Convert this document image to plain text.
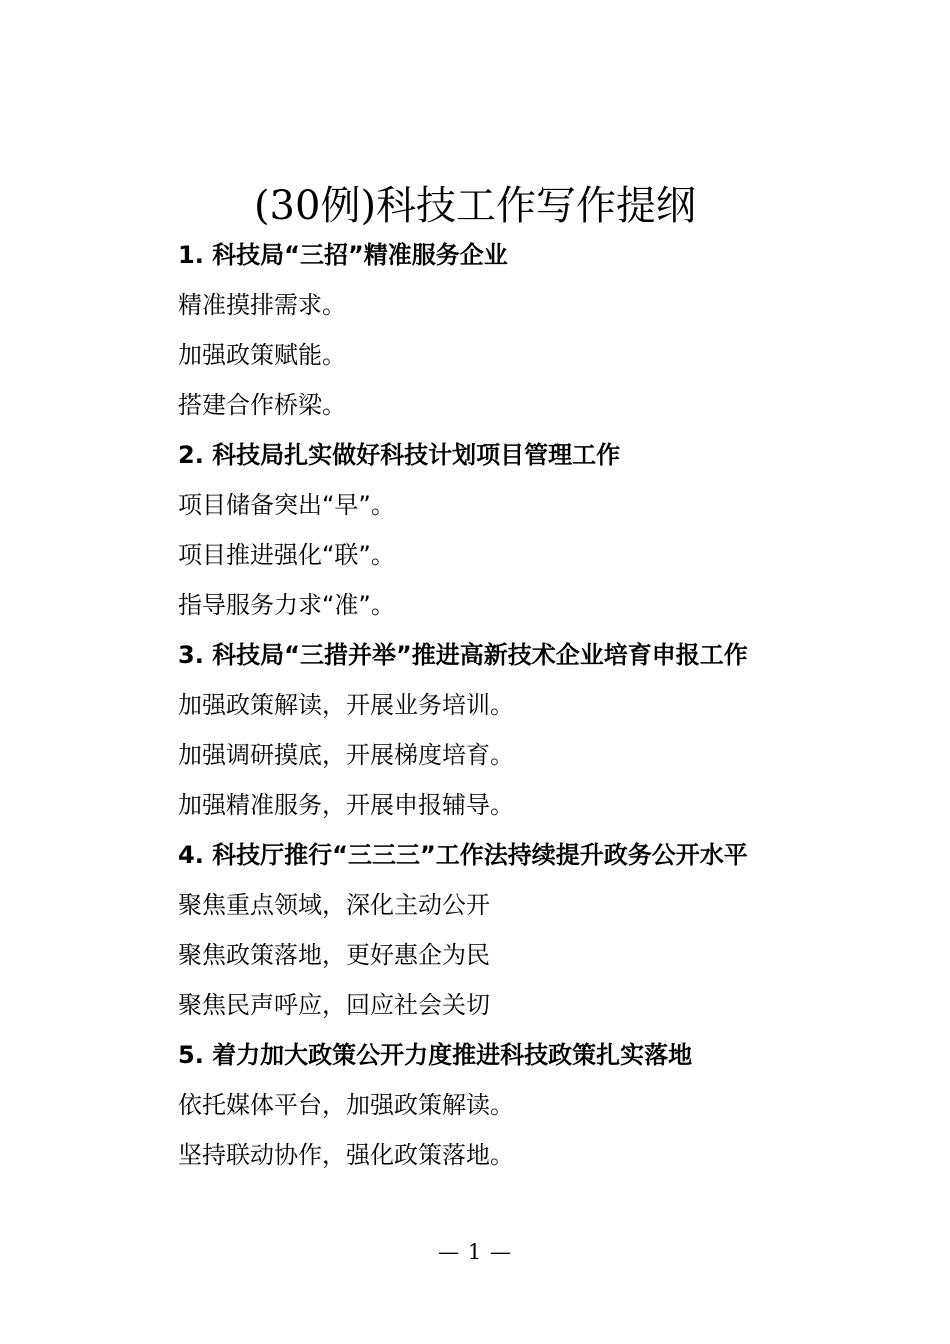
(30例)科技工作写作提纲
1. 科技局“三招”精准服务企业
精准摸排需求。
加强政策赋能。
搭建合作桥梁。
2. 科技局扎实做好科技计划项目管理工作
项目储备突出“早”。
项目推进强化“联”。
指导服务力求“准”。
3. 科技局“三措并举”推进高新技术企业培育申报工作
加强政策解读，开展业务培训。
加强调研摸底，开展梯度培育。
加强精准服务，开展申报辅导。
4. 科技厅推行“三三三”工作法持续提升政务公开水平
聚焦重点领域，深化主动公开
聚焦政策落地，更好惠企为民
聚焦民声呼应，回应社会关切
5. 着力加大政策公开力度推进科技政策扎实落地
依托媒体平台，加强政策解读。
坚持联动协作，强化政策落地。
— 1 —
